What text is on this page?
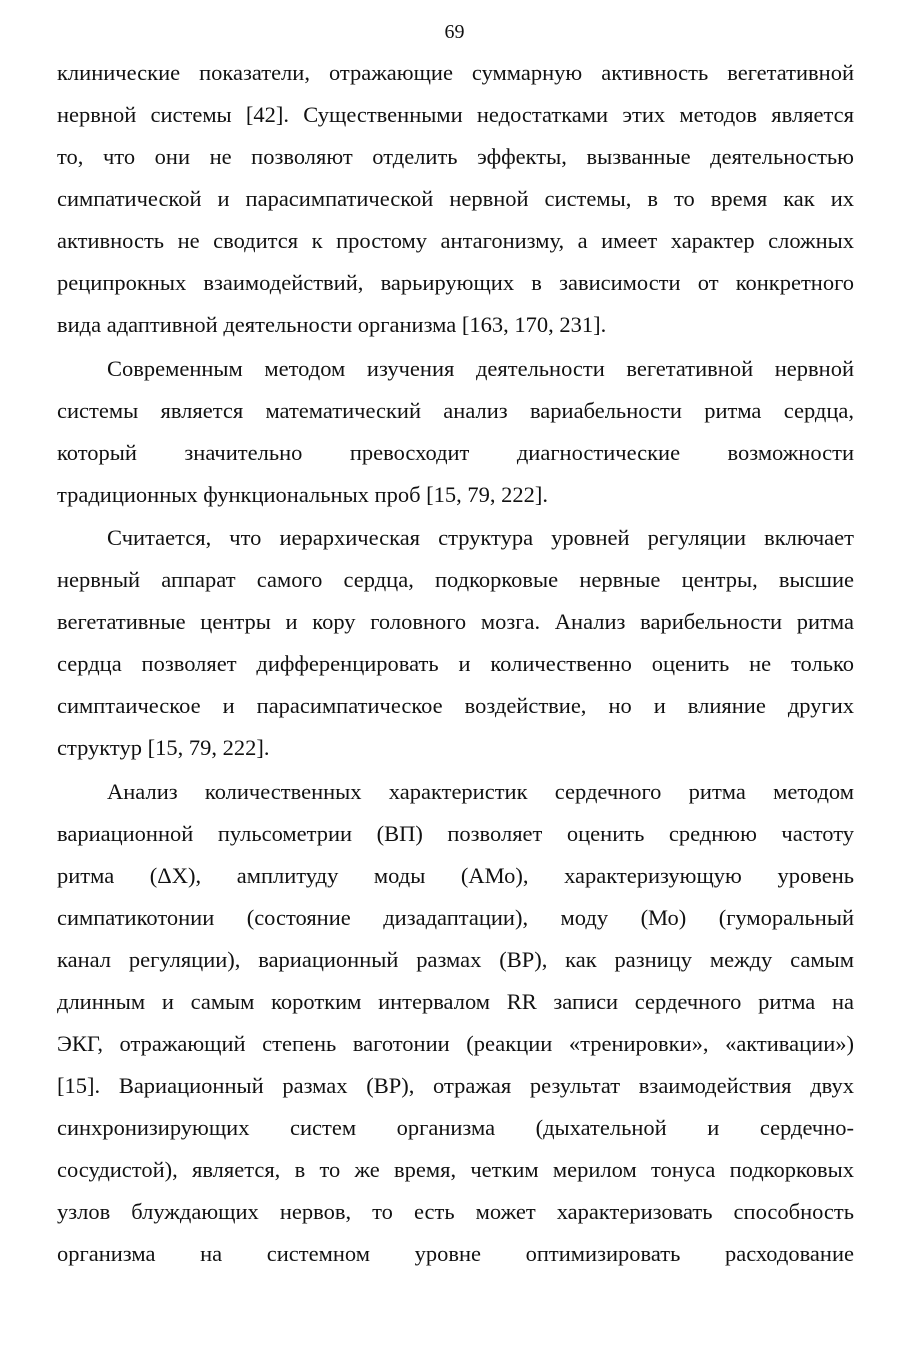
69
клинические показатели, отражающие суммарную активность вегетативной
нервной системы [42]. Существенными недостатками этих методов является
то, что они не позволяют отделить эффекты, вызванные деятельностью
симпатической и парасимпатической нервной системы, в то время как их
активность не сводится к простому антагонизму, а имеет характер сложных
реципрокных взаимодействий, варьирующих в зависимости от конкретного
вида адаптивной деятельности организма [163, 170, 231].
Современным методом изучения деятельности вегетативной нервной
системы является математический анализ вариабельности ритма сердца,
который значительно превосходит диагностические возможности
традиционных функциональных проб [15, 79, 222].
Считается, что иерархическая структура уровней регуляции включает
нервный аппарат самого сердца, подкорковые нервные центры, высшие
вегетативные центры и кору головного мозга. Анализ варибельности ритма
сердца позволяет дифференцировать и количественно оценить не только
симптаическое и парасимпатическое воздействие, но и влияние других
структур [15, 79, 222].
Анализ количественных характеристик сердечного ритма методом
вариационной пульсометрии (ВП) позволяет оценить среднюю частоту
ритма (ΔХ), амплитуду моды (АМо), характеризующую уровень
симпатикотонии (состояние дизадаптации), моду (Мо) (гуморальный
канал регуляции), вариационный размах (ВР), как разницу между самым
длинным и самым коротким интервалом RR записи сердечного ритма на
ЭКГ, отражающий степень ваготонии (реакции «тренировки», «активации»)
[15]. Вариационный размах (ВР), отражая результат взаимодействия двух
синхронизирующих систем организма (дыхательной и сердечно-
сосудистой), является, в то же время, четким мерилом тонуса подкорковых
узлов блуждающих нервов, то есть может характеризовать способность
организма на системном уровне оптимизировать расходование
